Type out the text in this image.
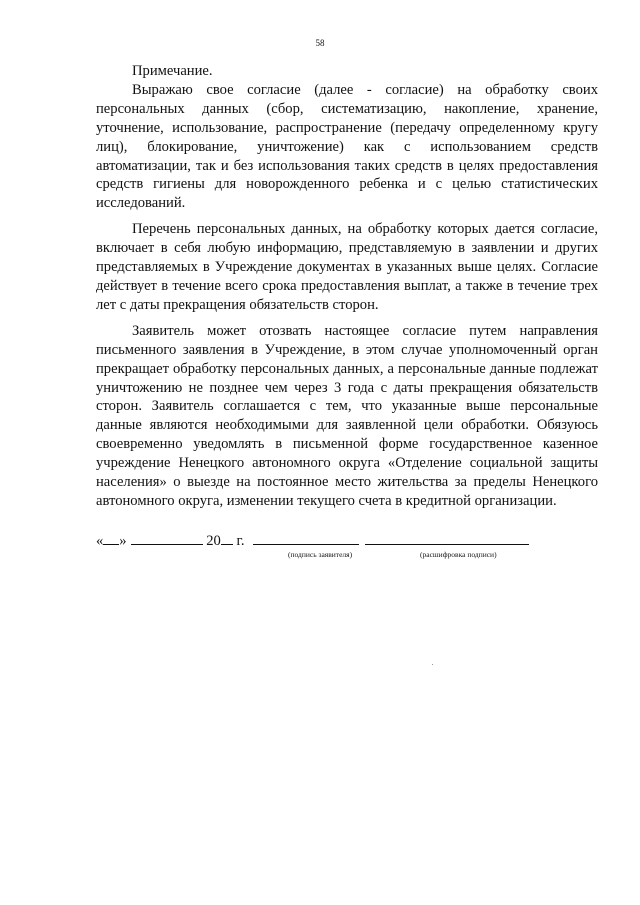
58

Примечание.

Выражаю свое согласие (далее - согласие) на обработку своих персональных данных (сбор, систематизацию, накопление, хранение, уточнение, использование, распространение (передачу определенному кругу лиц), блокирование, уничтожение) как с использованием средств автоматизации, так и без использования таких средств в целях предоставления средств гигиены для новорожденного ребенка и с целью статистических исследований.

Перечень персональных данных, на обработку которых дается согласие, включает в себя любую информацию, представляемую в заявлении и других представляемых в Учреждение документах в указанных выше целях. Согласие действует в течение всего срока предоставления выплат, а также в течение трех лет с даты прекращения обязательств сторон.

Заявитель может отозвать настоящее согласие путем направления письменного заявления в Учреждение, в этом случае уполномоченный орган прекращает обработку персональных данных, а персональные данные подлежат уничтожению не позднее чем через 3 года с даты прекращения обязательств сторон. Заявитель соглашается с тем, что указанные выше персональные данные являются необходимыми для заявленной цели обработки. Обязуюсь своевременно уведомлять в письменной форме государственное казенное учреждение Ненецкого автономного округа «Отделение социальной защиты населения» о выезде на постоянное место жительства за пределы Ненецкого автономного округа, изменении текущего счета в кредитной организации.

« »	20 г.
(подпись заявителя)	(расшифровка подписи)
